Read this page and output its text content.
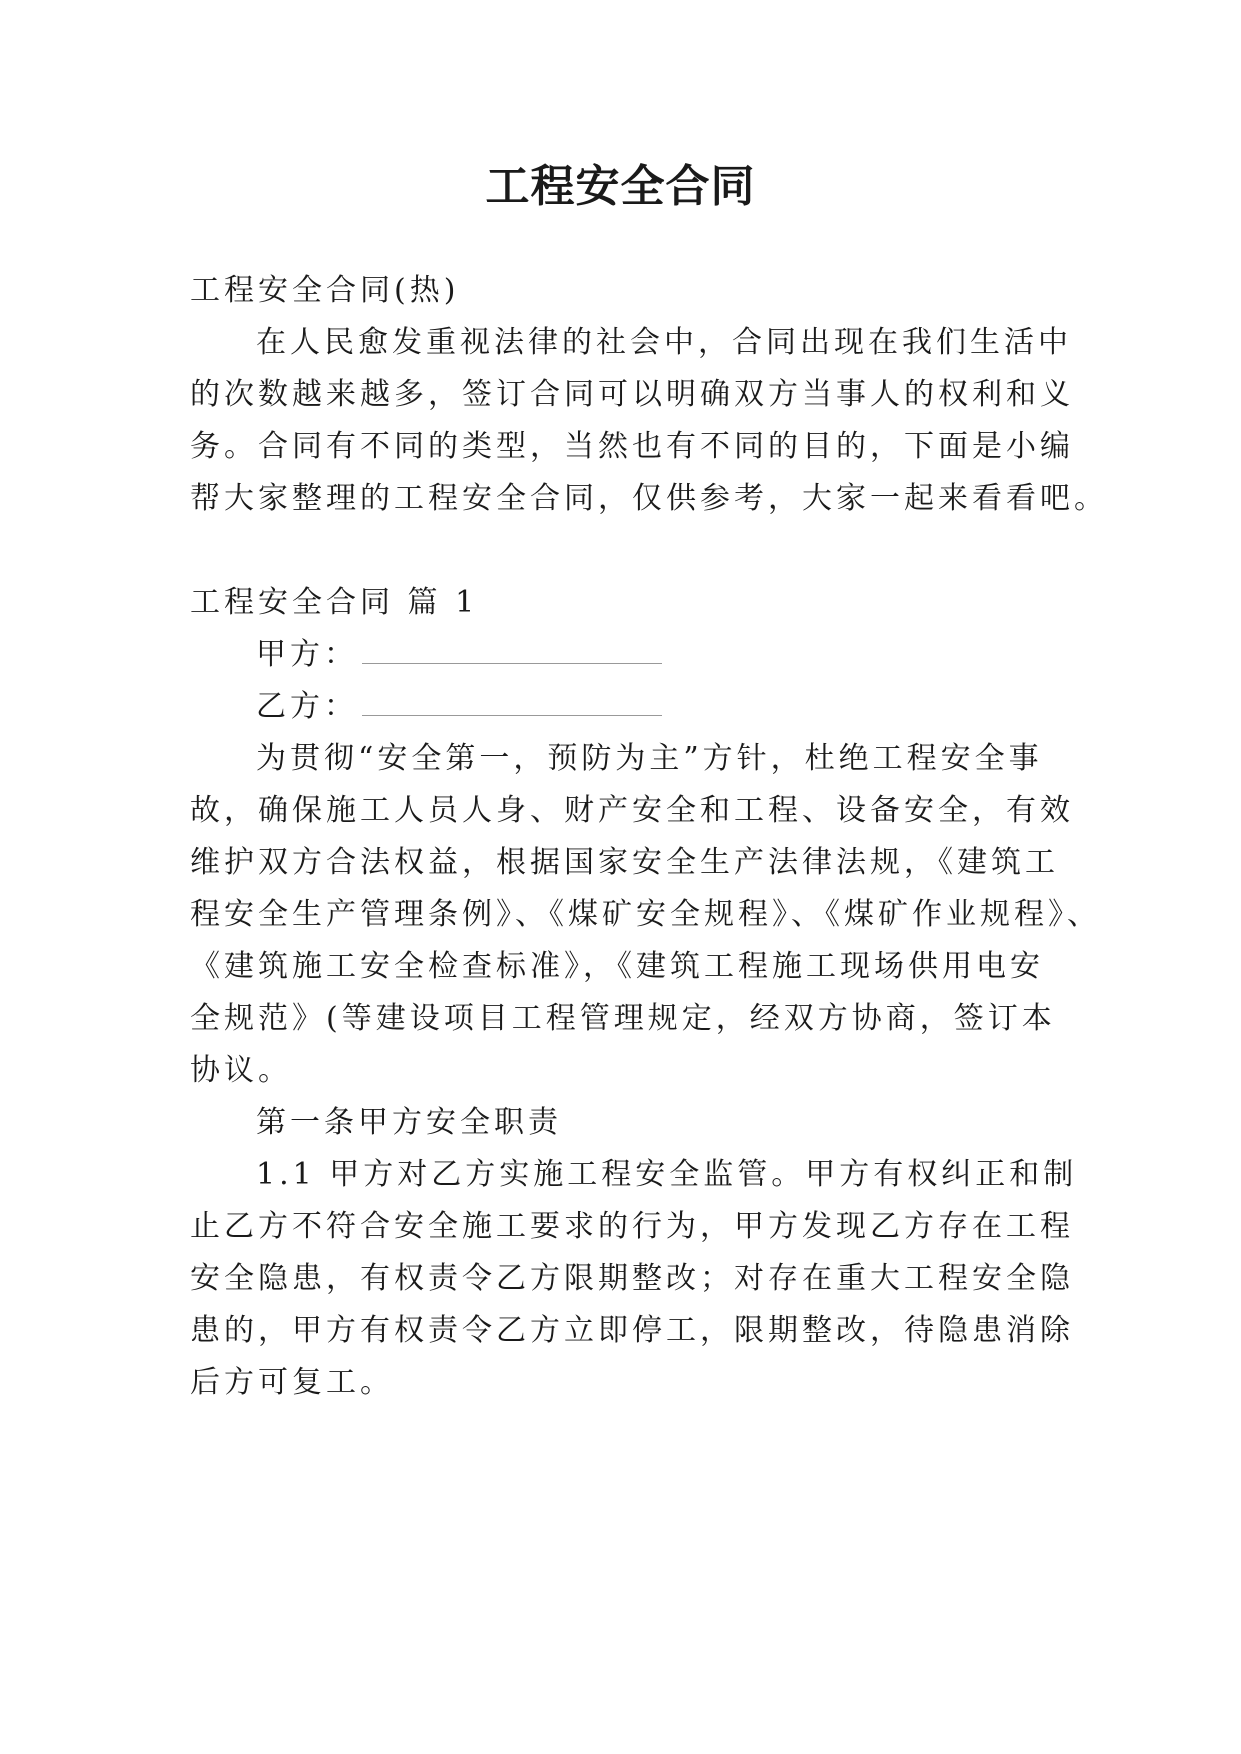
工程安全合同
工程安全合同(热)
在人民愈发重视法律的社会中，合同出现在我们生活中
的次数越来越多，签订合同可以明确双方当事人的权利和义
务。合同有不同的类型，当然也有不同的目的，下面是小编
帮大家整理的工程安全合同，仅供参考，大家一起来看看吧。
工程安全合同 篇 1
甲方：
乙方：
为贯彻“安全第一，预防为主”方针，杜绝工程安全事
故，确保施工人员人身、财产安全和工程、设备安全，有效
维护双方合法权益，根据国家安全生产法律法规，《建筑工
程安全生产管理条例》、《煤矿安全规程》、《煤矿作业规程》、
《建筑施工安全检查标准》，《建筑工程施工现场供用电安
全规范》(等建设项目工程管理规定，经双方协商，签订本
协议。
第一条甲方安全职责
1.1 甲方对乙方实施工程安全监管。甲方有权纠正和制
止乙方不符合安全施工要求的行为，甲方发现乙方存在工程
安全隐患，有权责令乙方限期整改；对存在重大工程安全隐
患的，甲方有权责令乙方立即停工，限期整改，待隐患消除
后方可复工。
